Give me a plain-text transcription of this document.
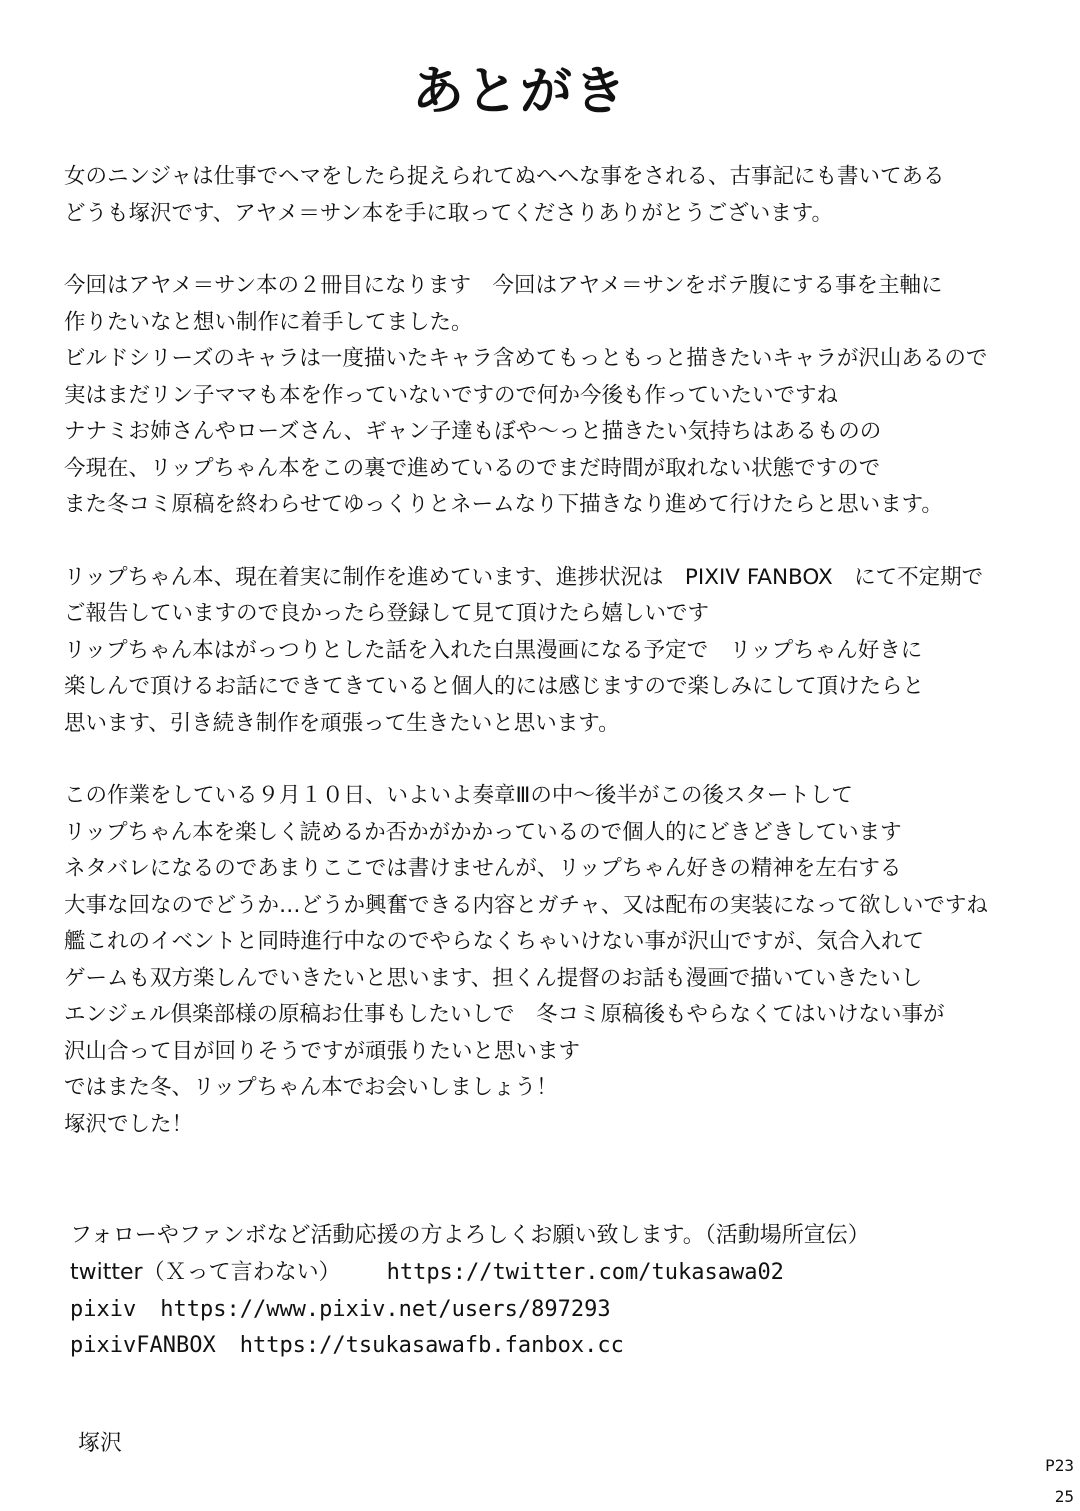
あとがき
女のニンジャは仕事でヘマをしたら捉えられてぬへへな事をされる、古事記にも書いてある
どうも塚沢です、アヤメ＝サン本を手に取ってくださりありがとうございます。
今回はアヤメ＝サン本の２冊目になります　今回はアヤメ＝サンをボテ腹にする事を主軸に
作りたいなと想い制作に着手してました。
ビルドシリーズのキャラは一度描いたキャラ含めてもっともっと描きたいキャラが沢山あるので
実はまだリン子ママも本を作っていないですので何か今後も作っていたいですね
ナナミお姉さんやローズさん、ギャン子達もぼや～っと描きたい気持ちはあるものの
今現在、リップちゃん本をこの裏で進めているのでまだ時間が取れない状態ですので
また冬コミ原稿を終わらせてゆっくりとネームなり下描きなり進めて行けたらと思います。
リップちゃん本、現在着実に制作を進めています、進捗状況は　PIXIV FANBOX　にて不定期で
ご報告していますので良かったら登録して見て頂けたら嬉しいです
リップちゃん本はがっつりとした話を入れた白黒漫画になる予定で　リップちゃん好きに
楽しんで頂けるお話にできてきていると個人的には感じますので楽しみにして頂けたらと
思います、引き続き制作を頑張って生きたいと思います。
この作業をしている９月１０日、いよいよ奏章Ⅲの中～後半がこの後スタートして
リップちゃん本を楽しく読めるか否かがかかっているので個人的にどきどきしています
ネタバレになるのであまりここでは書けませんが、リップちゃん好きの精神を左右する
大事な回なのでどうか…どうか興奮できる内容とガチャ、又は配布の実装になって欲しいですね
艦これのイベントと同時進行中なのでやらなくちゃいけない事が沢山ですが、気合入れて
ゲームも双方楽しんでいきたいと思います、担くん提督のお話も漫画で描いていきたいし
エンジェル倶楽部様の原稿お仕事もしたいしで　冬コミ原稿後もやらなくてはいけない事が
沢山合って目が回りそうですが頑張りたいと思います
ではまた冬、リップちゃん本でお会いしましょう！
塚沢でした！
フォローやファンボなど活動応援の方よろしくお願い致します。（活動場所宣伝）
twitter（Ｘって言わない） https://twitter.com/tukasawa02
pixiv https://www.pixiv.net/users/897293
pixivFANBOX https://tsukasawafb.fanbox.cc
塚沢
P23
25
